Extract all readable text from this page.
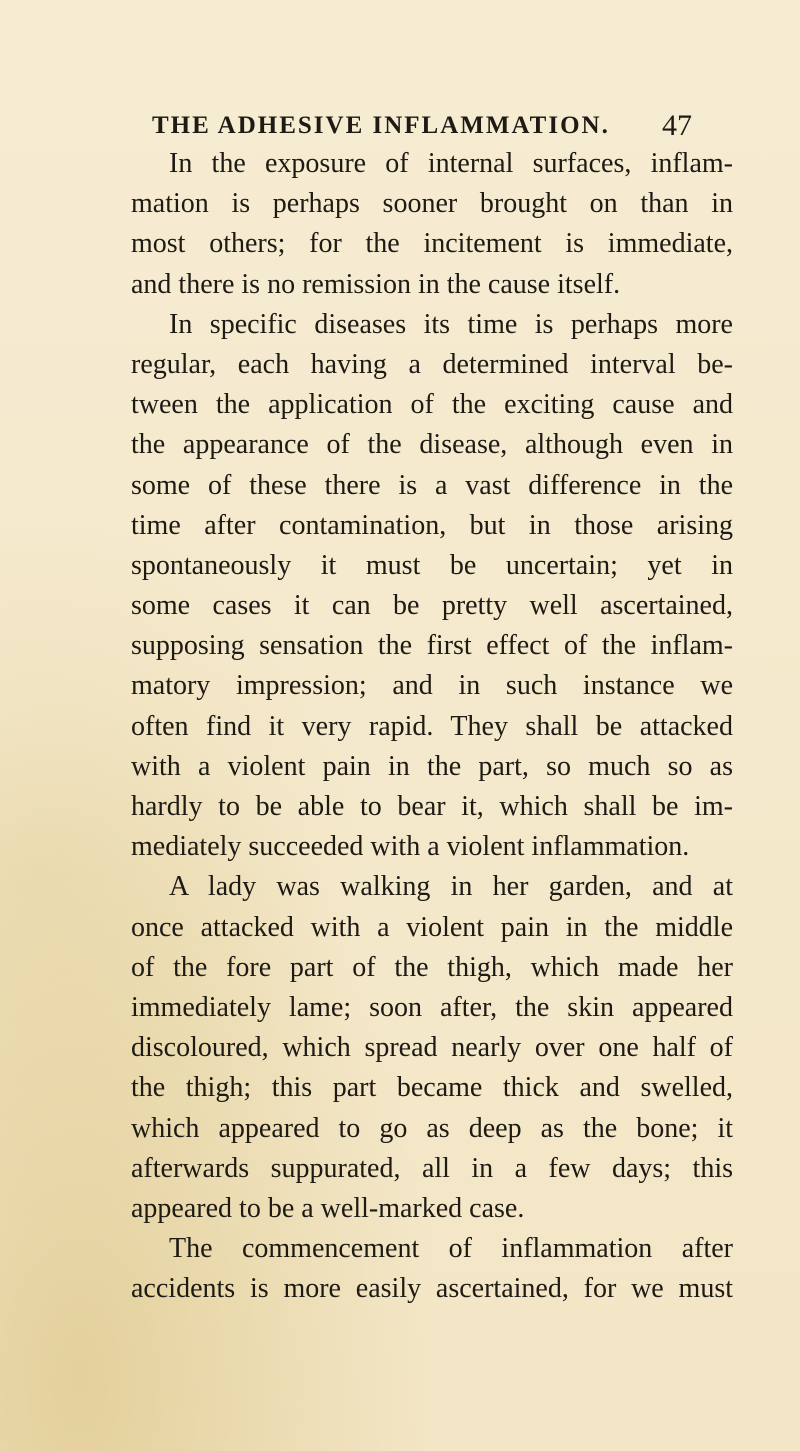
THE ADHESIVE INFLAMMATION. 47
In the exposure of internal surfaces, inflam-
mation is perhaps sooner brought on than in
most others; for the incitement is immediate,
and there is no remission in the cause itself.
In specific diseases its time is perhaps more
regular, each having a determined interval be-
tween the application of the exciting cause and
the appearance of the disease, although even in
some of these there is a vast difference in the
time after contamination, but in those arising
spontaneously it must be uncertain; yet in
some cases it can be pretty well ascertained,
supposing sensation the first effect of the inflam-
matory impression; and in such instance we
often find it very rapid. They shall be attacked
with a violent pain in the part, so much so as
hardly to be able to bear it, which shall be im-
mediately succeeded with a violent inflammation.
A lady was walking in her garden, and at
once attacked with a violent pain in the middle
of the fore part of the thigh, which made her
immediately lame; soon after, the skin appeared
discoloured, which spread nearly over one half of
the thigh; this part became thick and swelled,
which appeared to go as deep as the bone; it
afterwards suppurated, all in a few days; this
appeared to be a well-marked case.
The commencement of inflammation after
accidents is more easily ascertained, for we must
